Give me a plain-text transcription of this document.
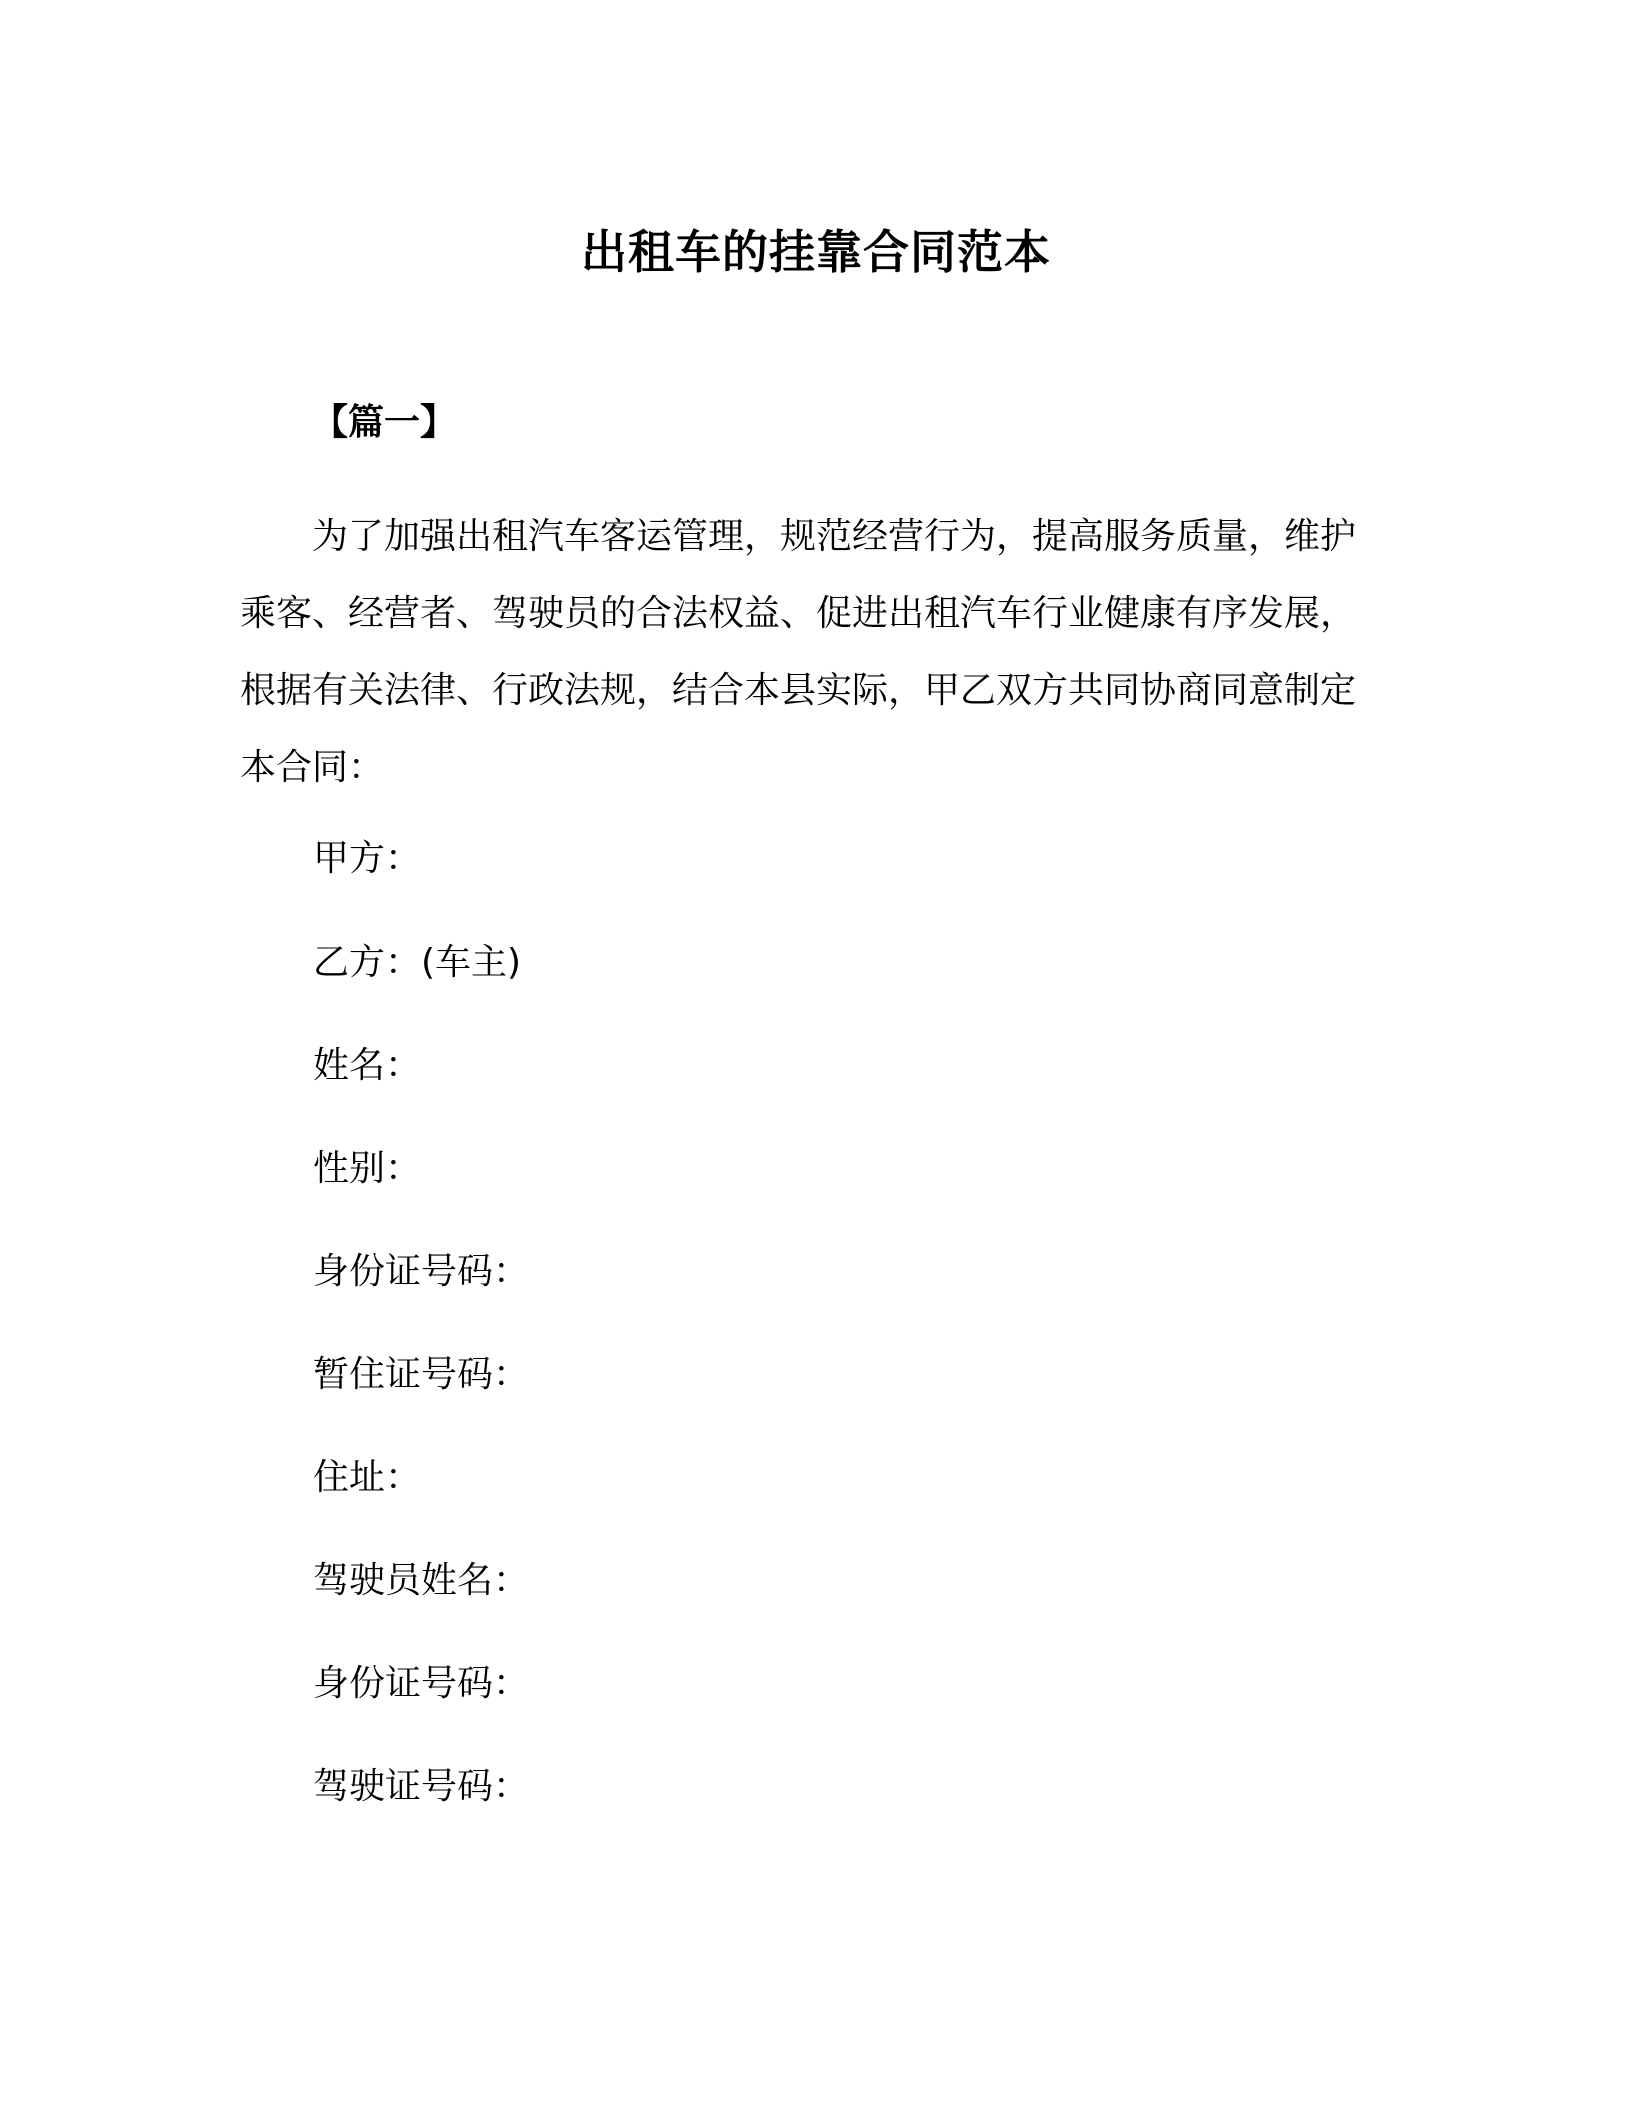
出租车的挂靠合同范本
【篇一】

为了加强出租汽车客运管理，规范经营行为，提高服务质量，维护乘客、经营者、驾驶员的合法权益、促进出租汽车行业健康有序发展，根据有关法律、行政法规，结合本县实际，甲乙双方共同协商同意制定本合同：

甲方：
乙方：(车主)
姓名：
性别：
身份证号码：
暂住证号码：
住址：
驾驶员姓名：
身份证号码：
驾驶证号码：
